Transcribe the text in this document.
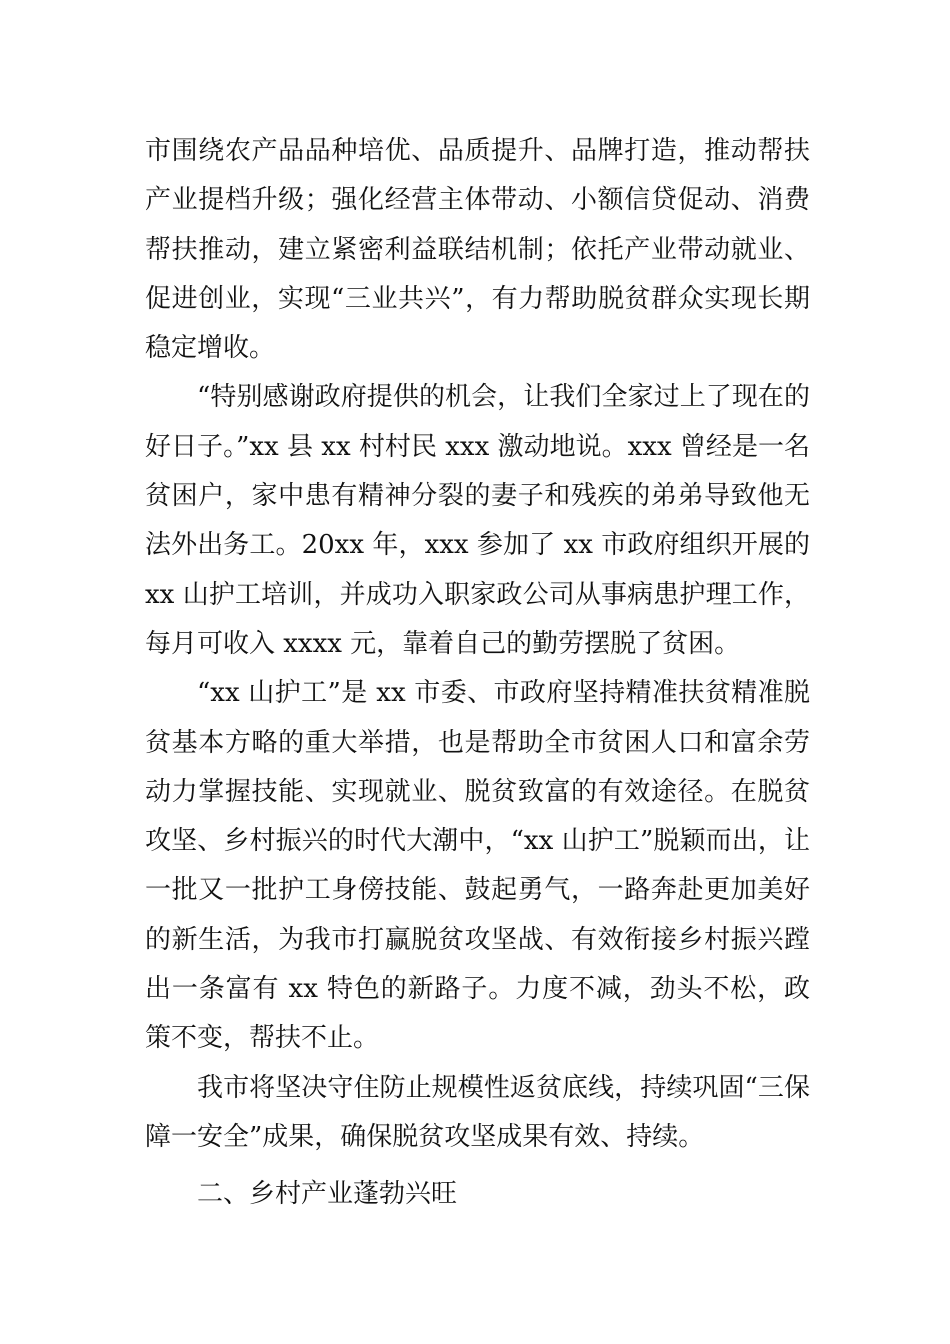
市围绕农产品品种培优、品质提升、品牌打造，推动帮扶产业提档升级；强化经营主体带动、小额信贷促动、消费帮扶推动，建立紧密利益联结机制；依托产业带动就业、促进创业，实现“三业共兴”，有力帮助脱贫群众实现长期稳定增收。

“特别感谢政府提供的机会，让我们全家过上了现在的好日子。”xx 县 xx 村村民 xxx 激动地说。xxx 曾经是一名贫困户，家中患有精神分裂的妻子和残疾的弟弟导致他无法外出务工。20xx 年，xxx 参加了 xx 市政府组织开展的 xx 山护工培训，并成功入职家政公司从事病患护理工作，每月可收入 xxxx 元，靠着自己的勤劳摆脱了贫困。

“xx 山护工”是 xx 市委、市政府坚持精准扶贫精准脱贫基本方略的重大举措，也是帮助全市贫困人口和富余劳动力掌握技能、实现就业、脱贫致富的有效途径。在脱贫攻坚、乡村振兴的时代大潮中，“xx 山护工”脱颖而出，让一批又一批护工身傍技能、鼓起勇气，一路奔赴更加美好的新生活，为我市打赢脱贫攻坚战、有效衔接乡村振兴蹚出一条富有 xx 特色的新路子。力度不减，劲头不松，政策不变，帮扶不止。

我市将坚决守住防止规模性返贫底线，持续巩固“三保障一安全”成果，确保脱贫攻坚成果有效、持续。

二、乡村产业蓬勃兴旺
